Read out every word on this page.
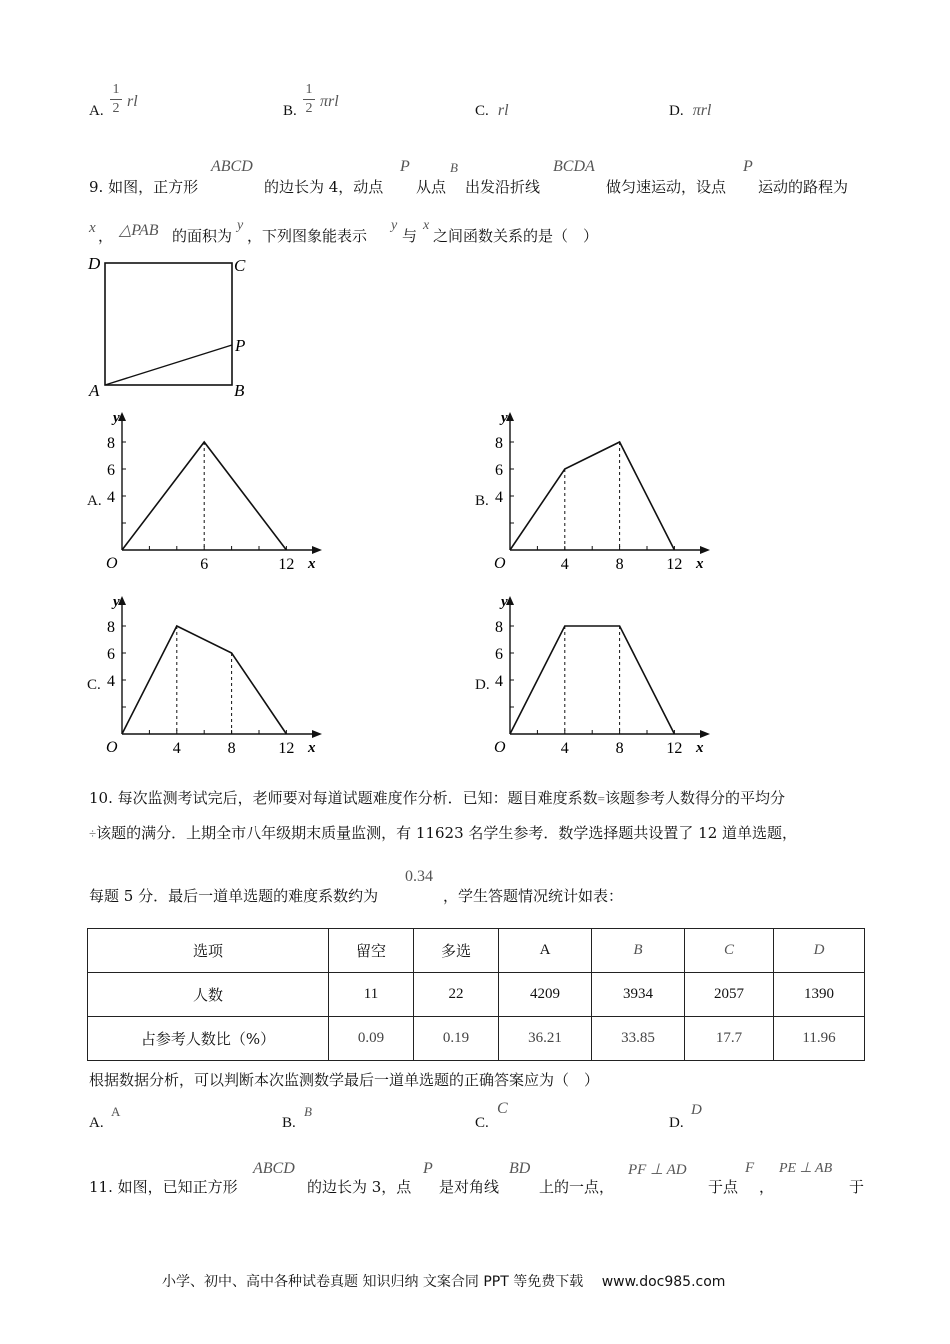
A.
1
2 rl
B.
1
2 πrl
C. rl	D. πrl
9. 如图，正方形
ABCD
的边长为 4，动点
P
从点
B
出发沿折线
BCDA
做匀速运动，设点
P
运动的路程为
x ， △PAB 的面积为
y
，下列图象能表示
y
与
x
之间函数关系的是（　）
D	C
P
A	B
A.	B.
C.	D.
4
6
8
y
x
O	6	12
4
6
8
y
x
O	4	8	12
4
6
8
y
x
O	4	8	12
4
6
8
y
x
O	4	8	12
10. 每次监测考试完后，老师要对每道试题难度作分析．已知：题目难度系数=该题参考人数得分的平均分
÷该题的满分．上期全市八年级期末质量监测，有 11623 名学生参考．数学选择题共设置了 12 道单选题，
每题 5 分．最后一道单选题的难度系数约为
0.34
，学生答题情况统计如表：
选项	留空	多选	A	B	C	D
人数	11	22	4209	3934	2057	1390
占参考人数比（%）	0.09	0.19	36.21	33.85	17.7	11.96
根据数据分析，可以判断本次监测数学最后一道单选题的正确答案应为（　）
A.
A
B.
B
C.
C
D.
D
11. 如图，已知正方形
ABCD
的边长为 3，点
P
是对角线
BD
上的一点，
PF ⊥ AD
于点
F
，
PE ⊥ AB
于
小学、初中、高中各种试卷真题 知识归纳 文案合同 PPT 等免费下载 www.doc985.com
